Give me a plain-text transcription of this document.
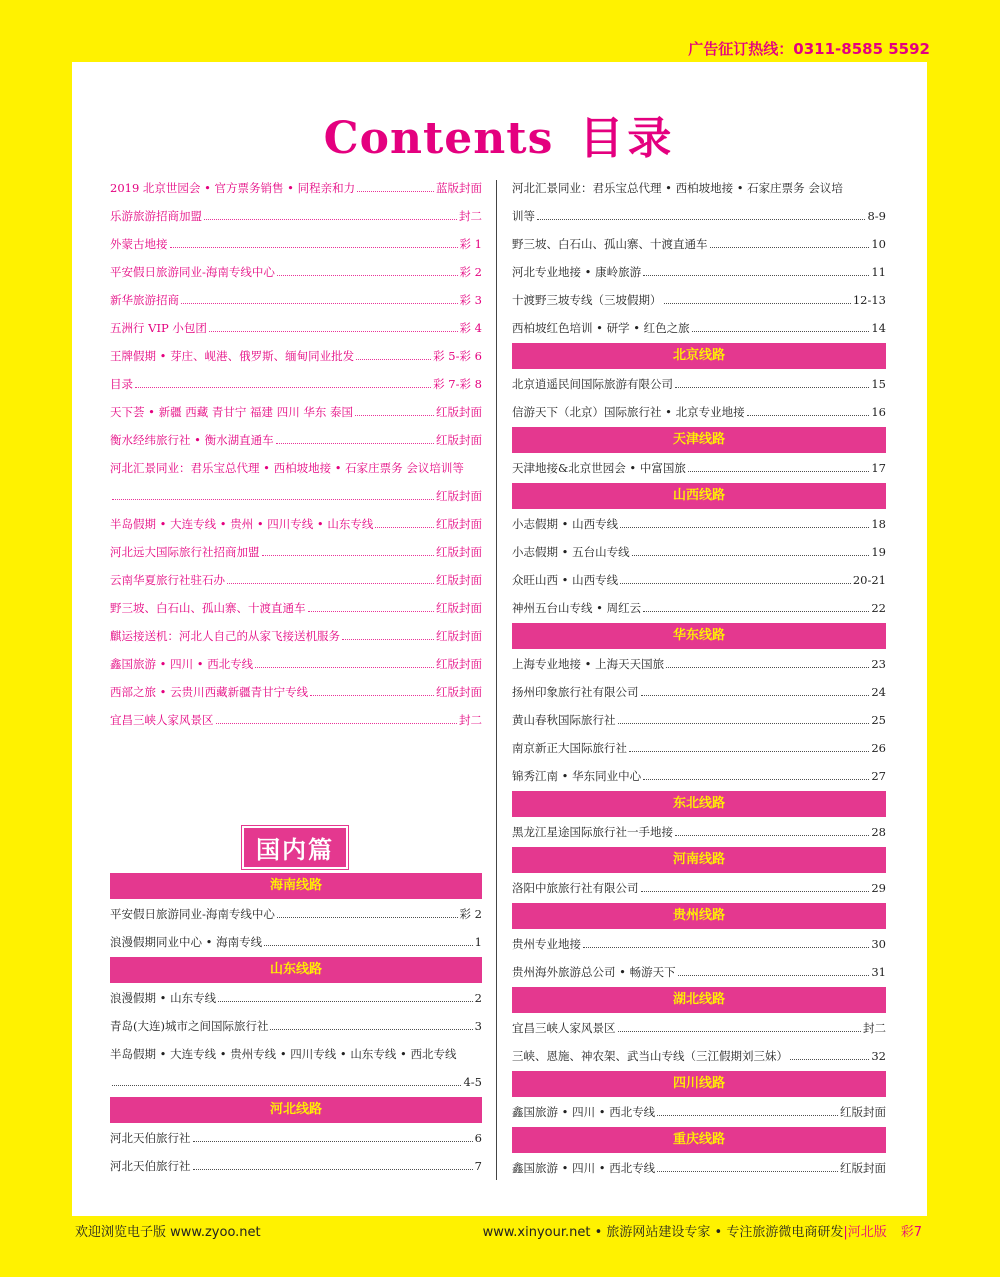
广告征订热线：0311-8585 5592
Contents 目录
2019 北京世园会 • 官方票务销售 • 同程亲和力	蓝版封面
乐游旅游招商加盟	封二
外蒙古地接	彩 1
平安假日旅游同业-海南专线中心	彩 2
新华旅游招商	彩 3
五洲行 VIP 小包团	彩 4
王牌假期 • 芽庄、岘港、俄罗斯、缅甸同业批发	彩 5-彩 6
目录	彩 7-彩 8
天下荟 • 新疆 西藏 青甘宁 福建 四川 华东 泰国	红版封面
衡水经纬旅行社 • 衡水湖直通车	红版封面
河北汇景同业：君乐宝总代理 • 西柏坡地接 • 石家庄票务 会议培训等
红版封面
半岛假期 • 大连专线 • 贵州 • 四川专线 • 山东专线	红版封面
河北远大国际旅行社招商加盟	红版封面
云南华夏旅行社驻石办	红版封面
野三坡、白石山、孤山寨、十渡直通车	红版封面
麒运接送机：河北人自己的从家飞接送机服务	红版封面
鑫国旅游 • 四川 • 西北专线	红版封面
西部之旅 • 云贵川西藏新疆青甘宁专线	红版封面
宜昌三峡人家风景区	封二
国内篇
海南线路
平安假日旅游同业-海南专线中心	彩 2
浪漫假期同业中心 • 海南专线	1
山东线路
浪漫假期 • 山东专线	2
青岛(大连)城市之间国际旅行社	3
半岛假期 • 大连专线 • 贵州专线 • 四川专线 • 山东专线 • 西北专线
4-5
河北线路
河北天伯旅行社	6
河北天伯旅行社	7
河北汇景同业：君乐宝总代理 • 西柏坡地接 • 石家庄票务 会议培
训等	8-9
野三坡、白石山、孤山寨、十渡直通车	10
河北专业地接 • 康岭旅游	11
十渡野三坡专线（三坡假期）	12-13
西柏坡红色培训 • 研学 • 红色之旅	14
北京线路
北京逍遥民间国际旅游有限公司	15
信游天下（北京）国际旅行社 • 北京专业地接	16
天津线路
天津地接&北京世园会 • 中富国旅	17
山西线路
小志假期 • 山西专线	18
小志假期 • 五台山专线	19
众旺山西 • 山西专线	20-21
神州五台山专线 • 周红云	22
华东线路
上海专业地接 • 上海天天国旅	23
扬州印象旅行社有限公司	24
黄山春秋国际旅行社	25
南京新正大国际旅行社	26
锦秀江南 • 华东同业中心	27
东北线路
黑龙江星途国际旅行社一手地接	28
河南线路
洛阳中旅旅行社有限公司	29
贵州线路
贵州专业地接	30
贵州海外旅游总公司 • 畅游天下	31
湖北线路
宜昌三峡人家风景区	封二
三峡、恩施、神农架、武当山专线（三江假期刘三妹）	32
四川线路
鑫国旅游 • 四川 • 西北专线	红版封面
重庆线路
鑫国旅游 • 四川 • 西北专线	红版封面
欢迎浏览电子版 www.zyoo.net	www.xinyour.net • 旅游网站建设专家 • 专注旅游微电商研发|河北版 彩7
